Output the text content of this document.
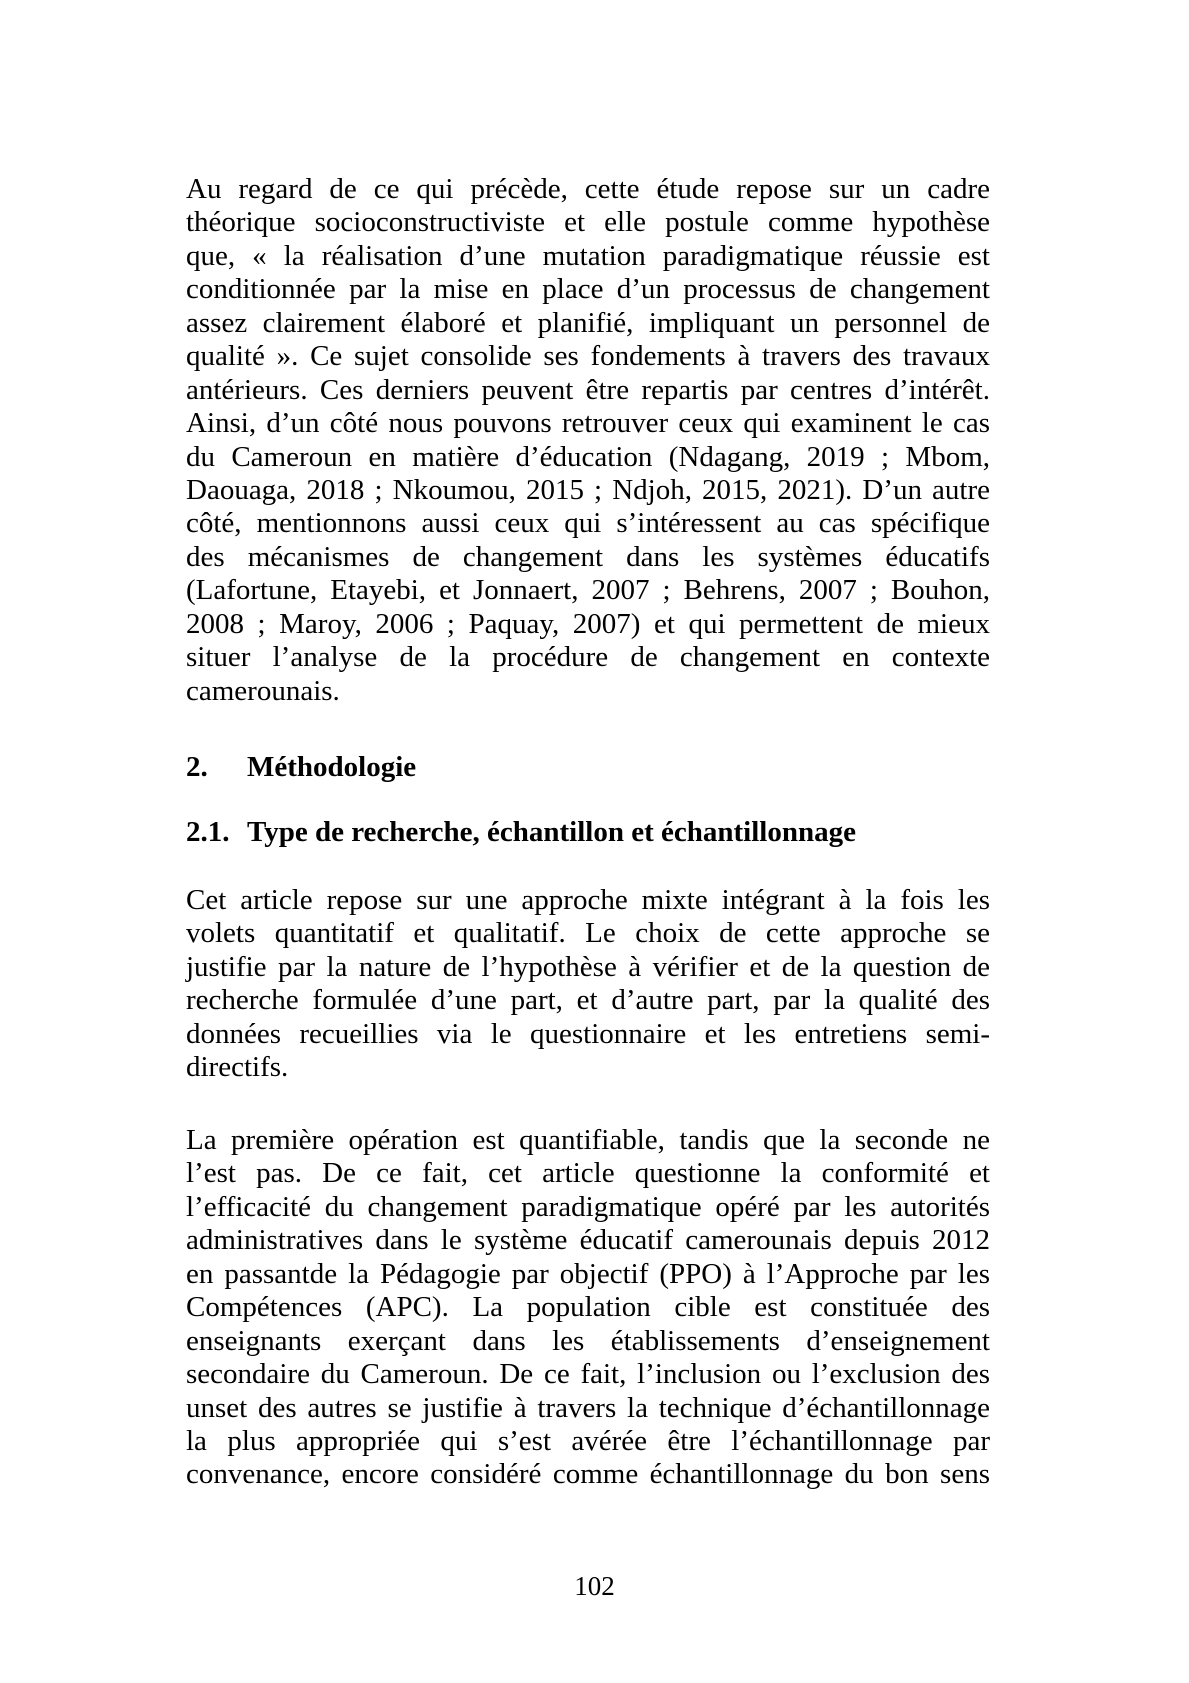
Au regard de ce qui précède, cette étude repose sur un cadre
théorique socioconstructiviste et elle postule comme hypothèse
que, « la réalisation d’une mutation paradigmatique réussie est
conditionnée par la mise en place d’un processus de changement
assez clairement élaboré et planifié, impliquant un personnel de
qualité ». Ce sujet consolide ses fondements à travers des travaux
antérieurs. Ces derniers peuvent être repartis par centres d’intérêt.
Ainsi, d’un côté nous pouvons retrouver ceux qui examinent le cas
du Cameroun en matière d’éducation (Ndagang, 2019 ; Mbom,
Daouaga, 2018 ; Nkoumou, 2015 ; Ndjoh, 2015, 2021). D’un autre
côté, mentionnons aussi ceux qui s’intéressent au cas spécifique
des mécanismes de changement dans les systèmes éducatifs
(Lafortune, Etayebi, et Jonnaert, 2007 ; Behrens, 2007 ; Bouhon,
2008 ; Maroy, 2006 ; Paquay, 2007) et qui permettent de mieux
situer l’analyse de la procédure de changement en contexte
camerounais.
2.	Méthodologie
2.1. Type de recherche, échantillon et échantillonnage
Cet article repose sur une approche mixte intégrant à la fois les
volets quantitatif et qualitatif. Le choix de cette approche se
justifie par la nature de l’hypothèse à vérifier et de la question de
recherche formulée d’une part, et d’autre part, par la qualité des
données recueillies via le questionnaire et les entretiens semi-
directifs.
La première opération est quantifiable, tandis que la seconde ne
l’est pas. De ce fait, cet article questionne la conformité et
l’efficacité du changement paradigmatique opéré par les autorités
administratives dans le système éducatif camerounais depuis 2012
en passantde la Pédagogie par objectif (PPO) à l’Approche par les
Compétences (APC). La population cible est constituée des
enseignants exerçant dans les établissements d’enseignement
secondaire du Cameroun. De ce fait, l’inclusion ou l’exclusion des
unset des autres se justifie à travers la technique d’échantillonnage
la plus appropriée qui s’est avérée être l’échantillonnage par
convenance, encore considéré comme échantillonnage du bon sens
102
